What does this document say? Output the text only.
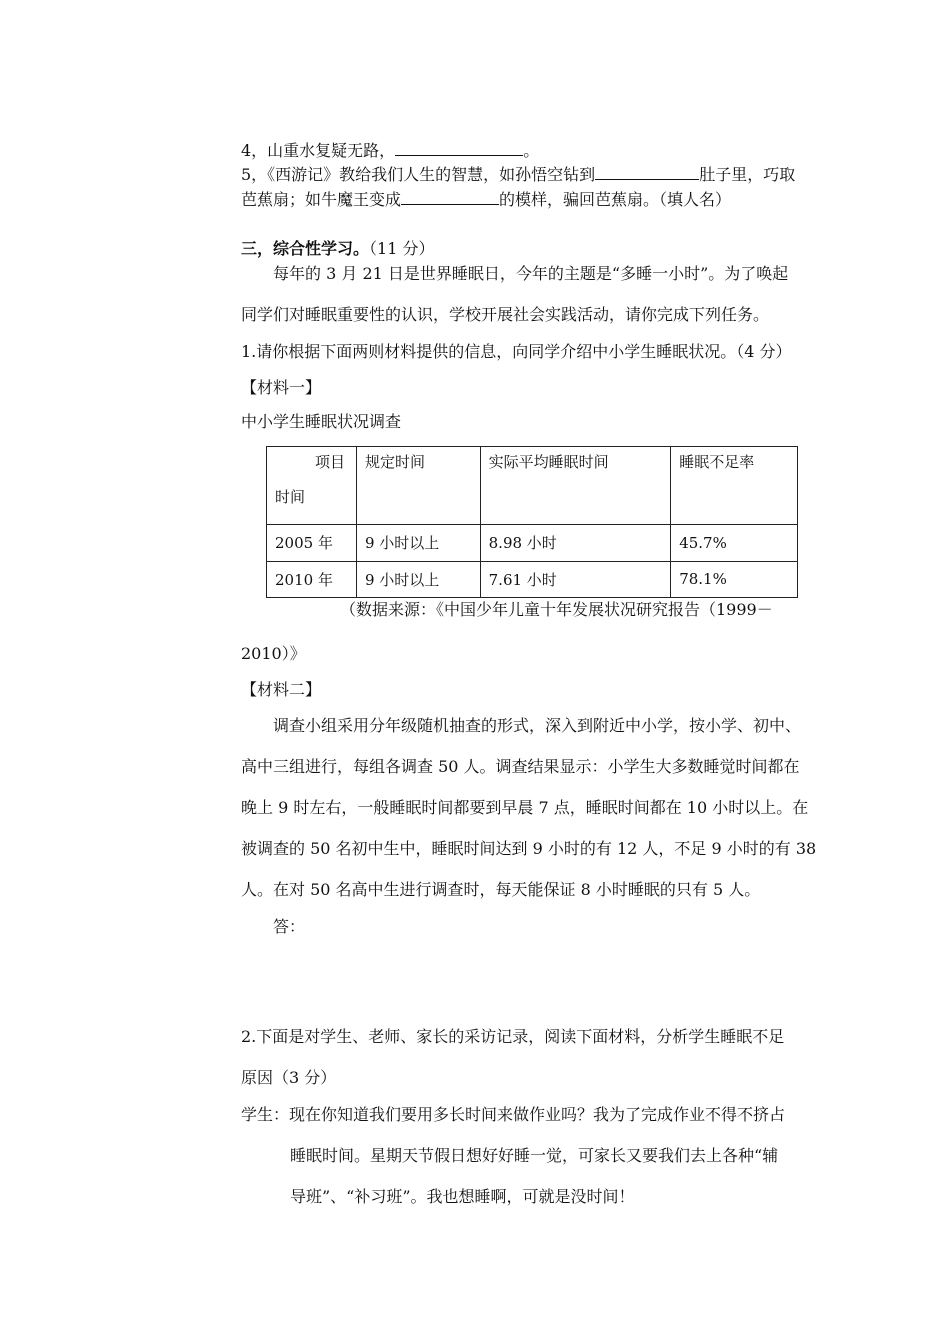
4，山重水复疑无路，	。
5，《西游记》教给我们人生的智慧，如孙悟空钻到	肚子里，巧取
芭蕉扇；如牛魔王变成	的模样，骗回芭蕉扇。（填人名）
三，综合性学习。（11 分）
每年的 3 月 21 日是世界睡眠日，今年的主题是“多睡一小时”。为了唤起
同学们对睡眠重要性的认识，学校开展社会实践活动，请你完成下列任务。
1.请你根据下面两则材料提供的信息，向同学介绍中小学生睡眠状况。（4 分）
【材料一】
中小学生睡眠状况调查
项目
时间	规定时间	实际平均睡眠时间	睡眠不足率
2005 年	9 小时以上	8.98 小时	45.7%
2010 年	9 小时以上	7.61 小时	78.1%
（数据来源：《中国少年儿童十年发展状况研究报告（1999－
2010）》
【材料二】
调查小组采用分年级随机抽查的形式，深入到附近中小学，按小学、初中、
高中三组进行，每组各调查 50 人。调查结果显示：小学生大多数睡觉时间都在
晚上 9 时左右，一般睡眠时间都要到早晨 7 点，睡眠时间都在 10 小时以上。在
被调查的 50 名初中生中，睡眠时间达到 9 小时的有 12 人，不足 9 小时的有 38
人。在对 50 名高中生进行调查时，每天能保证 8 小时睡眠的只有 5 人。
答：
2.下面是对学生、老师、家长的采访记录，阅读下面材料，分析学生睡眠不足
原因（3 分）
学生：现在你知道我们要用多长时间来做作业吗？我为了完成作业不得不挤占
睡眠时间。星期天节假日想好好睡一觉，可家长又要我们去上各种“辅
导班”、“补习班”。我也想睡啊，可就是没时间！
